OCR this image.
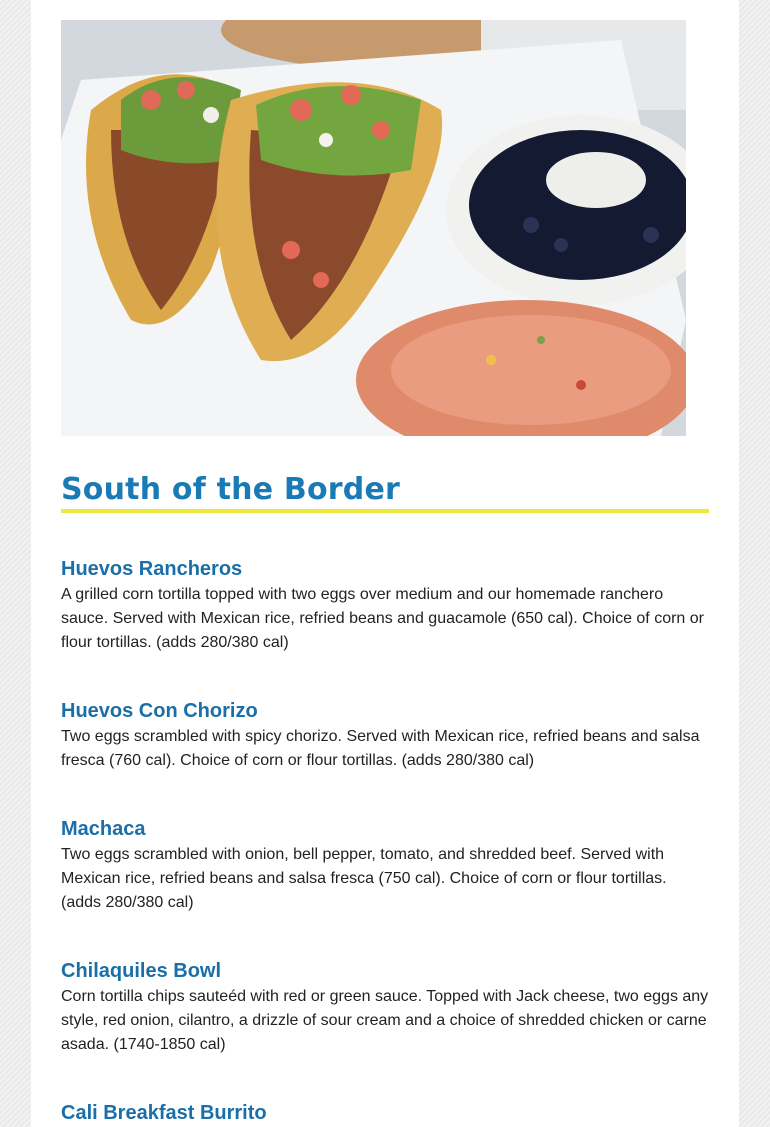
South of the Border
Huevos Rancheros

A grilled corn tortilla topped with two eggs over medium and our homemade ranchero sauce. Served with Mexican rice, refried beans and guacamole (650 cal). Choice of corn or flour tortillas. (adds 280/380 cal)

Huevos Con Chorizo

Two eggs scrambled with spicy chorizo. Served with Mexican rice, refried beans and salsa fresca (760 cal). Choice of corn or flour tortillas. (adds 280/380 cal)

Machaca

Two eggs scrambled with onion, bell pepper, tomato, and shredded beef. Served with Mexican rice, refried beans and salsa fresca (750 cal). Choice of corn or flour tortillas. (adds 280/380 cal)

Chilaquiles Bowl

Corn tortilla chips sauteéd with red or green sauce. Topped with Jack cheese, two eggs any style, red onion, cilantro, a drizzle of sour cream and a choice of shredded chicken or carne asada. (1740-1850 cal)

Cali Breakfast Burrito
